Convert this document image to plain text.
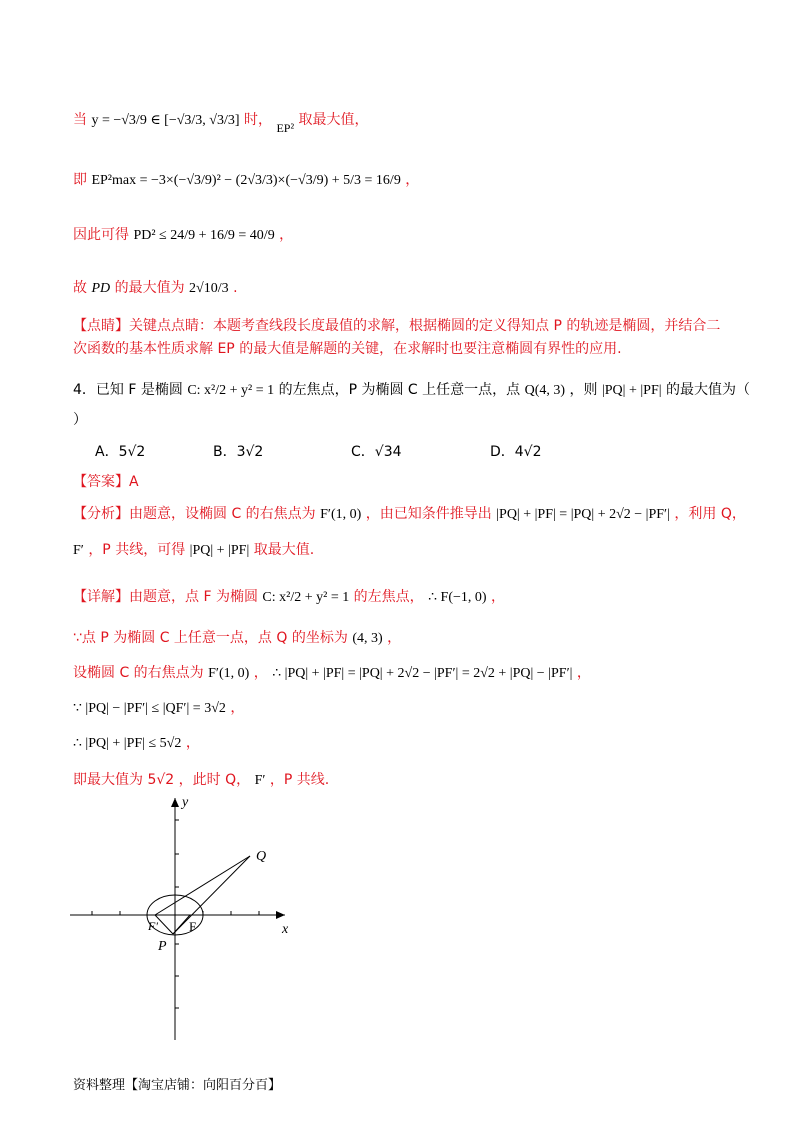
当 y = −√3/9 ∈ [−√3/3, √3/3] 时， EP² 取最大值，
即 EP²max = −3×(−√3/9)² − (2√3/3)×(−√3/9) + 5/3 = 16/9 ，
因此可得 PD² ≤ 24/9 + 16/9 = 40/9 ，
故 PD 的最大值为 2√10/3 .
【点睛】关键点点睛：本题考查线段长度最值的求解，根据椭圆的定义得知点 P 的轨迹是椭圆，并结合二
次函数的基本性质求解 EP 的最大值是解题的关键，在求解时也要注意椭圆有界性的应用.
4．已知 F 是椭圆 C: x²/2 + y² = 1 的左焦点，P 为椭圆 C 上任意一点，点 Q(4, 3) ，则 |PQ| + |PF| 的最大值为（
）
A．5√2	B．3√2	C．√34	D．4√2
【答案】A
【分析】由题意，设椭圆 C 的右焦点为 F′(1, 0) ，由已知条件推导出 |PQ| + |PF| = |PQ| + 2√2 − |PF′| ，利用 Q，
F′ ，P 共线，可得 |PQ| + |PF| 取最大值.
【详解】由题意，点 F 为椭圆 C: x²/2 + y² = 1 的左焦点， ∴ F(−1, 0) ，
∵点 P 为椭圆 C 上任意一点，点 Q 的坐标为 (4, 3) ，
设椭圆 C 的右焦点为 F′(1, 0) ， ∴ |PQ| + |PF| = |PQ| + 2√2 − |PF′| = 2√2 + |PQ| − |PF′| ，
∵ |PQ| − |PF′| ≤ |QF′| = 3√2 ，
∴ |PQ| + |PF| ≤ 5√2 ，
即最大值为 5√2 ，此时 Q， F′ ，P 共线.
y
x
Q
F′ F
P
资料整理【淘宝店铺：向阳百分百】
